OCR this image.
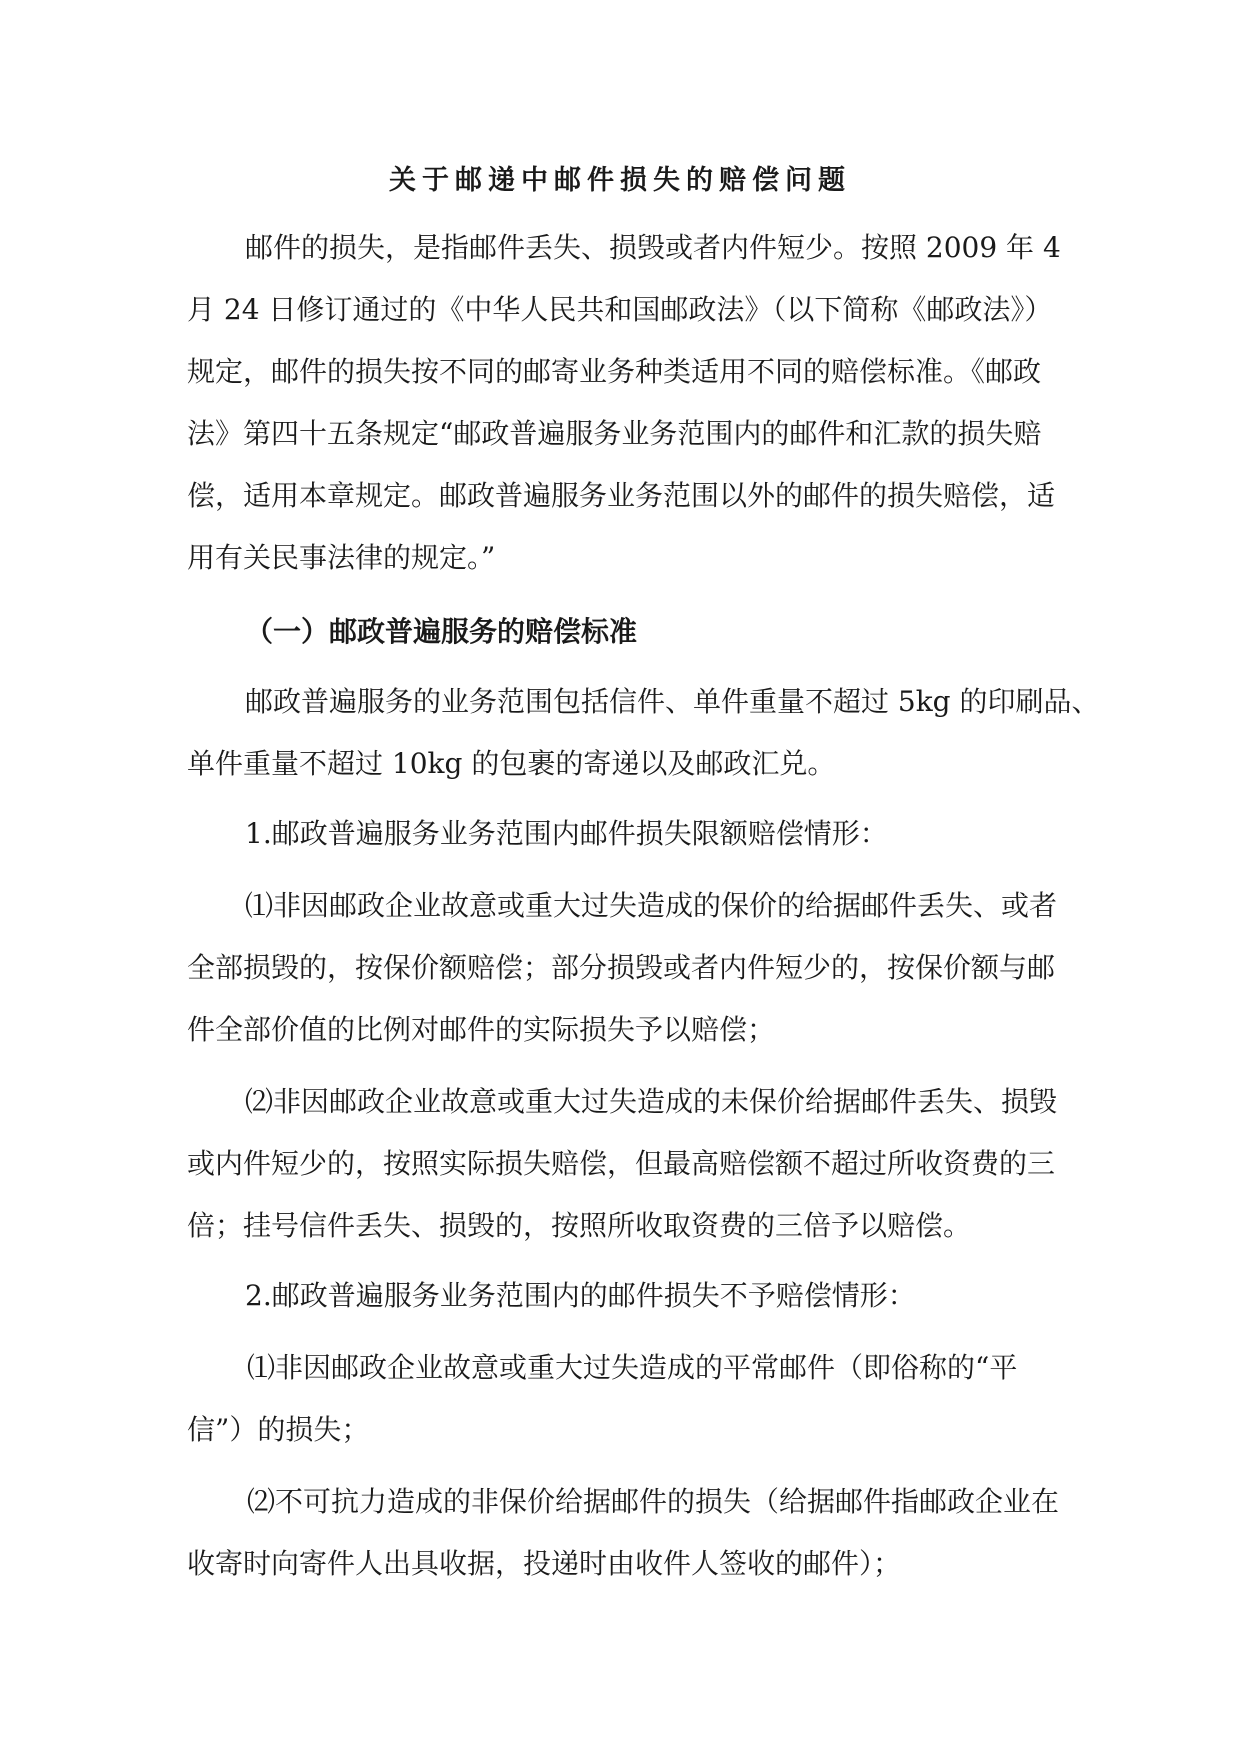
关于邮递中邮件损失的赔偿问题
邮件的损失，是指邮件丢失、损毁或者内件短少。按照 2009 年 4
月 24 日修订通过的《中华人民共和国邮政法》（以下简称《邮政法》）
规定，邮件的损失按不同的邮寄业务种类适用不同的赔偿标准。《邮政
法》第四十五条规定“邮政普遍服务业务范围内的邮件和汇款的损失赔
偿，适用本章规定。邮政普遍服务业务范围以外的邮件的损失赔偿，适
用有关民事法律的规定。”
（一）邮政普遍服务的赔偿标准
邮政普遍服务的业务范围包括信件、单件重量不超过 5kg 的印刷品、
单件重量不超过 10kg 的包裹的寄递以及邮政汇兑。
1.邮政普遍服务业务范围内邮件损失限额赔偿情形：
⑴非因邮政企业故意或重大过失造成的保价的给据邮件丢失、或者
全部损毁的，按保价额赔偿；部分损毁或者内件短少的，按保价额与邮
件全部价值的比例对邮件的实际损失予以赔偿；
⑵非因邮政企业故意或重大过失造成的未保价给据邮件丢失、损毁
或内件短少的，按照实际损失赔偿，但最高赔偿额不超过所收资费的三
倍；挂号信件丢失、损毁的，按照所收取资费的三倍予以赔偿。
2.邮政普遍服务业务范围内的邮件损失不予赔偿情形：
⑴非因邮政企业故意或重大过失造成的平常邮件（即俗称的“平
信”）的损失；
⑵不可抗力造成的非保价给据邮件的损失（给据邮件指邮政企业在
收寄时向寄件人出具收据，投递时由收件人签收的邮件）；
